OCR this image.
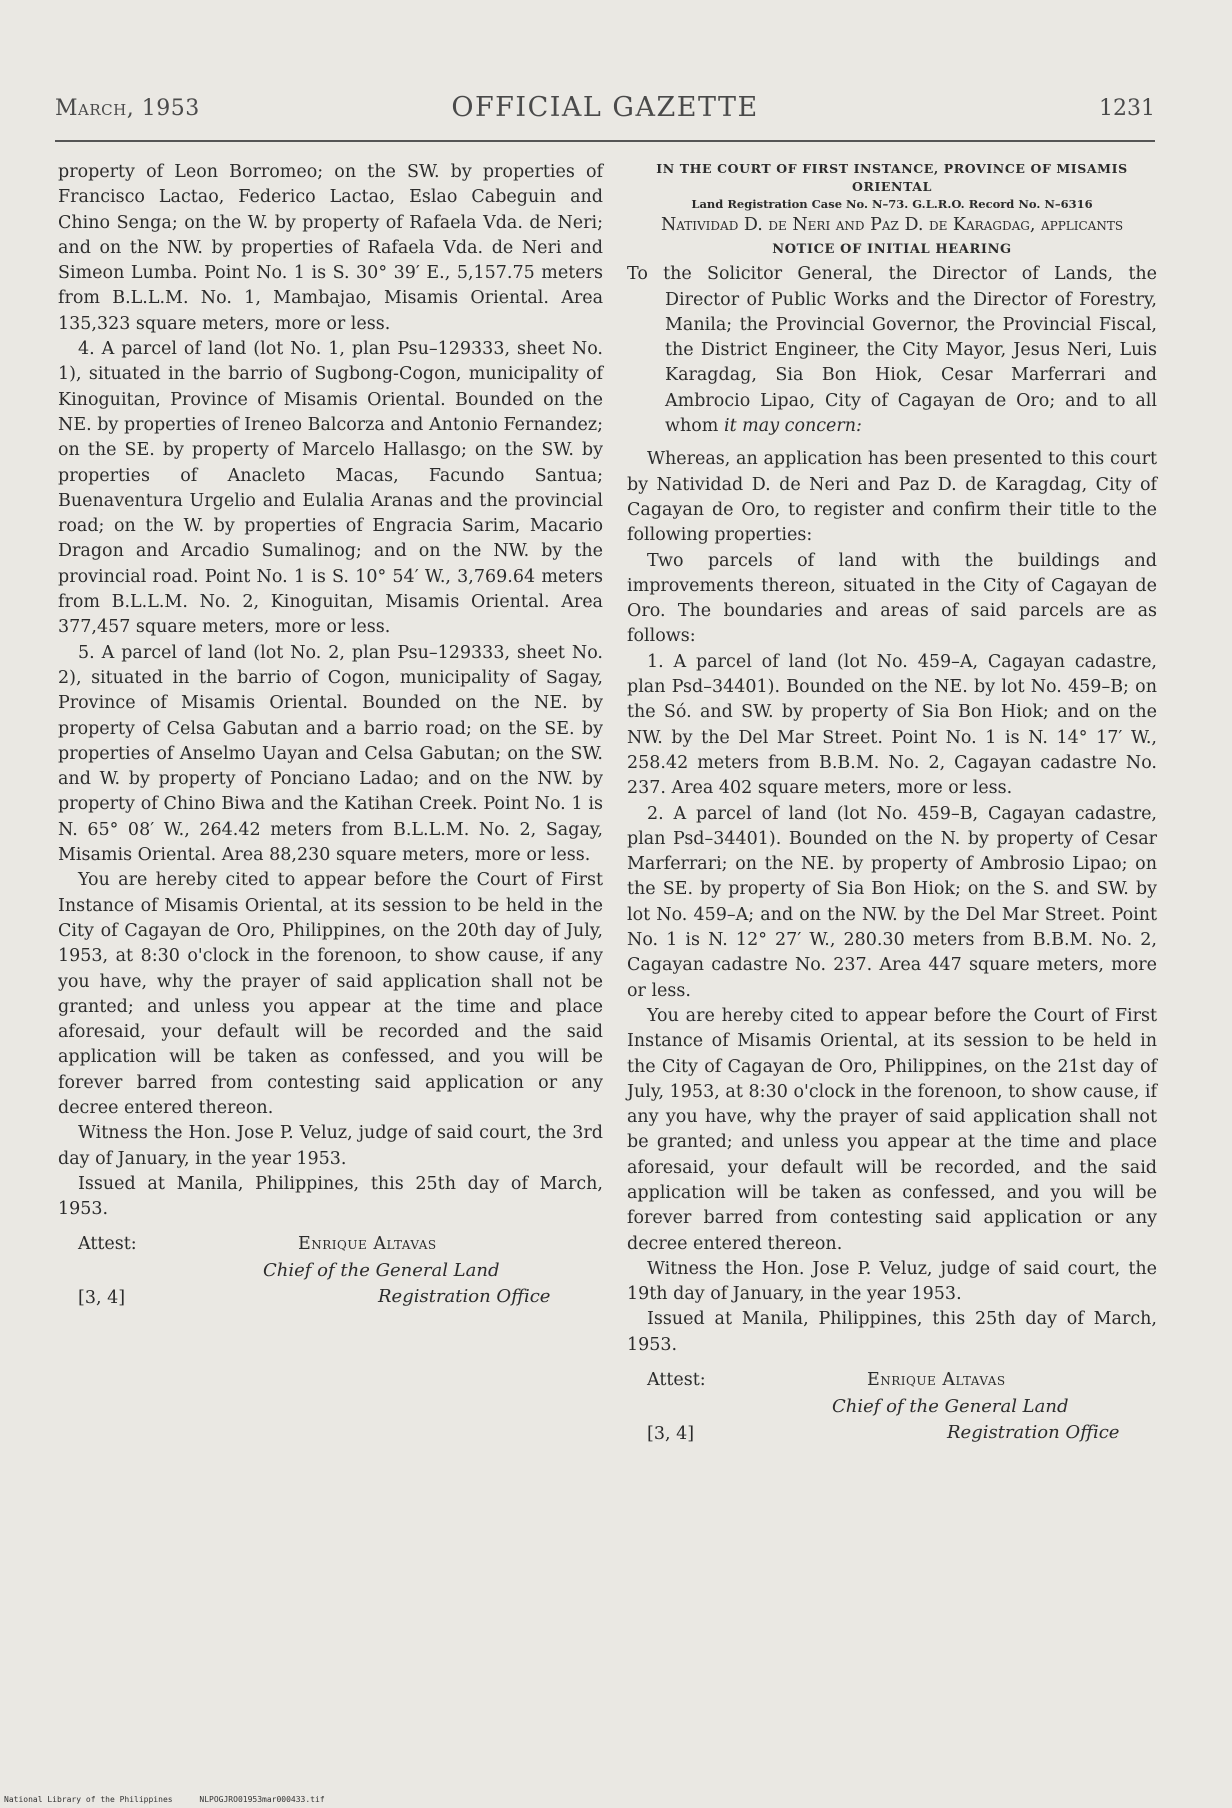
March, 1953	OFFICIAL GAZETTE	1231

property of Leon Borromeo; on the SW. by properties of Francisco Lactao, Federico Lactao, Eslao Cabeguin and Chino Senga; on the W. by property of Rafaela Vda. de Neri; and on the NW. by properties of Rafaela Vda. de Neri and Simeon Lumba. Point No. 1 is S. 30° 39′ E., 5,157.75 meters from B.L.L.M. No. 1, Mambajao, Misamis Oriental. Area 135,323 square meters, more or less.

4. A parcel of land (lot No. 1, plan Psu–129333, sheet No. 1), situated in the barrio of Sugbong-Cogon, municipality of Kinoguitan, Province of Misamis Oriental. Bounded on the NE. by properties of Ireneo Balcorza and Antonio Fernandez; on the SE. by property of Marcelo Hallasgo; on the SW. by properties of Anacleto Macas, Facundo Santua; Buenaventura Urgelio and Eulalia Aranas and the provincial road; on the W. by properties of Engracia Sarim, Macario Dragon and Arcadio Sumalinog; and on the NW. by the provincial road. Point No. 1 is S. 10° 54′ W., 3,769.64 meters from B.L.L.M. No. 2, Kinoguitan, Misamis Oriental. Area 377,457 square meters, more or less.

5. A parcel of land (lot No. 2, plan Psu–129333, sheet No. 2), situated in the barrio of Cogon, municipality of Sagay, Province of Misamis Oriental. Bounded on the NE. by property of Celsa Gabutan and a barrio road; on the SE. by properties of Anselmo Uayan and Celsa Gabutan; on the SW. and W. by property of Ponciano Ladao; and on the NW. by property of Chino Biwa and the Katihan Creek. Point No. 1 is N. 65° 08′ W., 264.42 meters from B.L.L.M. No. 2, Sagay, Misamis Oriental. Area 88,230 square meters, more or less.

You are hereby cited to appear before the Court of First Instance of Misamis Oriental, at its session to be held in the City of Cagayan de Oro, Philippines, on the 20th day of July, 1953, at 8:30 o'clock in the forenoon, to show cause, if any you have, why the prayer of said application shall not be granted; and unless you appear at the time and place aforesaid, your default will be recorded and the said application will be taken as confessed, and you will be forever barred from contesting said application or any decree entered thereon.

Witness the Hon. Jose P. Veluz, judge of said court, the 3rd day of January, in the year 1953.

Issued at Manila, Philippines, this 25th day of March, 1953.

Attest:	Enrique Altavas
Chief of the General Land
Registration Office
[3, 4]

IN THE COURT OF FIRST INSTANCE, PROVINCE OF MISAMIS ORIENTAL

Land Registration Case No. N–73. G.L.R.O. Record No. N–6316

Natividad D. de Neri and Paz D. de Karagdag, applicants

NOTICE OF INITIAL HEARING

To the Solicitor General, the Director of Lands, the Director of Public Works and the Director of Forestry, Manila; the Provincial Governor, the Provincial Fiscal, the District Engineer, the City Mayor, Jesus Neri, Luis Karagdag, Sia Bon Hiok, Cesar Marferrari and Ambrocio Lipao, City of Cagayan de Oro; and to all whom it may concern:

Whereas, an application has been presented to this court by Natividad D. de Neri and Paz D. de Karagdag, City of Cagayan de Oro, to register and confirm their title to the following properties:

Two parcels of land with the buildings and improvements thereon, situated in the City of Cagayan de Oro. The boundaries and areas of said parcels are as follows:

1. A parcel of land (lot No. 459–A, Cagayan cadastre, plan Psd–34401). Bounded on the NE. by lot No. 459–B; on the Só. and SW. by property of Sia Bon Hiok; and on the NW. by the Del Mar Street. Point No. 1 is N. 14° 17′ W., 258.42 meters from B.B.M. No. 2, Cagayan cadastre No. 237. Area 402 square meters, more or less.

2. A parcel of land (lot No. 459–B, Cagayan cadastre, plan Psd–34401). Bounded on the N. by property of Cesar Marferrari; on the NE. by property of Ambrosio Lipao; on the SE. by property of Sia Bon Hiok; on the S. and SW. by lot No. 459–A; and on the NW. by the Del Mar Street. Point No. 1 is N. 12° 27′ W., 280.30 meters from B.B.M. No. 2, Cagayan cadastre No. 237. Area 447 square meters, more or less.

You are hereby cited to appear before the Court of First Instance of Misamis Oriental, at its session to be held in the City of Cagayan de Oro, Philippines, on the 21st day of July, 1953, at 8:30 o'clock in the forenoon, to show cause, if any you have, why the prayer of said application shall not be granted; and unless you appear at the time and place aforesaid, your default will be recorded, and the said application will be taken as confessed, and you will be forever barred from contesting said application or any decree entered thereon.

Witness the Hon. Jose P. Veluz, judge of said court, the 19th day of January, in the year 1953.

Issued at Manila, Philippines, this 25th day of March, 1953.

Attest:	Enrique Altavas
Chief of the General Land
Registration Office
[3, 4]
National Library of the Philippines	NLPOGJRO01953mar000433.tif
